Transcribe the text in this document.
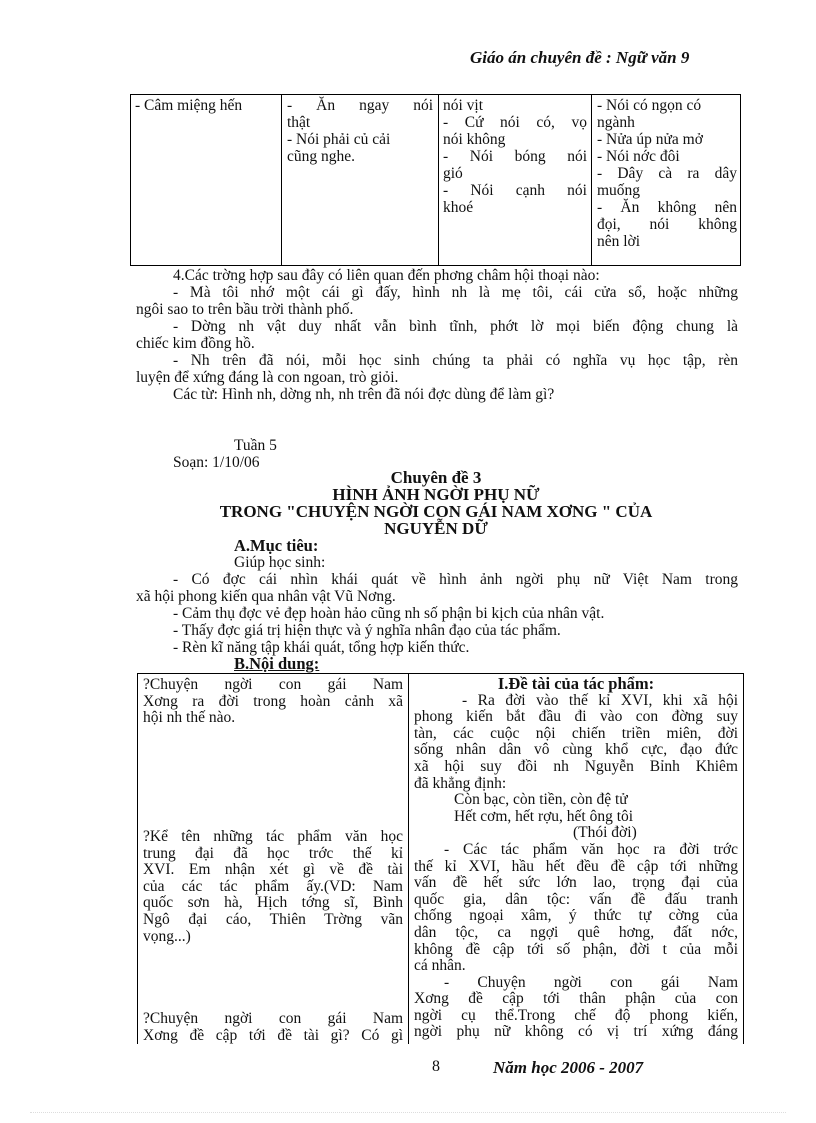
Giáo án chuyên đề : Ngữ văn 9
- Câm miệng hến	- Ăn ngay nói
thật
- Nói phải củ cải
cũng nghe.
nói vịt
- Cứ nói có, vọ
nói không
- Nói bóng nói
gió
- Nói cạnh nói
khoé
- Nói có ngọn có
ngành
- Nửa úp nửa mở
- Nói nớc đôi
- Dây cà ra dây
muống
- Ăn không nên
đọi, nói không
nên lời
4.Các trờng hợp sau đây có liên quan đến phơng châm hội thoại nào:
- Mà tôi nhớ một cái gì đấy, hình nh là mẹ tôi, cái cửa sổ, hoặc những
ngôi sao to trên bầu trời thành phố.
- Dờng nh vật duy nhất vẫn bình tĩnh, phớt lờ mọi biến động chung là
chiếc kim đồng hồ.
- Nh trên đã nói, mỗi học sinh chúng ta phải có nghĩa vụ học tập, rèn
luyện để xứng đáng là con ngoan, trò giỏi.
Các từ: Hình nh, dờng nh, nh trên đã nói đợc dùng để làm gì?
Tuần 5
Soạn: 1/10/06
Chuyên đề 3
HÌNH ẢNH NGỜI PHỤ NỮ
TRONG "CHUYỆN NGỜI CON GÁI NAM XƠNG " CỦA
NGUYỄN DỮ
A.Mục tiêu:
Giúp học sinh:
- Có đợc cái nhìn khái quát về hình ảnh ngời phụ nữ Việt Nam trong
xã hội phong kiến qua nhân vật Vũ Nơng.
- Cảm thụ đợc vẻ đẹp hoàn hảo cũng nh số phận bi kịch của nhân vật.
- Thấy đợc giá trị hiện thực và ý nghĩa nhân đạo của tác phẩm.
- Rèn kĩ năng tập khái quát, tổng hợp kiến thức.
B.Nội dung:
?Chuyện ngời con gái Nam
Xơng ra đời trong hoàn cảnh xã
hội nh thế nào.
?Kể tên những tác phẩm văn học
trung đại đã học trớc thế kỉ
XVI. Em nhận xét gì về đề tài
của các tác phẩm ấy.(VD: Nam
quốc sơn hà, Hịch tớng sĩ, Bình
Ngô đại cáo, Thiên Trờng vãn
vọng...)
?Chuyện ngời con gái Nam
Xơng đề cập tới đề tài gì? Có gì
I.Đề tài của tác phẩm:
- Ra đời vào thế kỉ XVI, khi xã hội
phong kiến bắt đầu đi vào con đờng suy
tàn, các cuộc nội chiến triền miên, đời
sống nhân dân vô cùng khổ cực, đạo đức
xã hội suy đồi nh Nguyễn Bỉnh Khiêm
đã khẳng định:
Còn bạc, còn tiền, còn đệ tử
Hết cơm, hết rợu, hết ông tôi
(Thói đời)
- Các tác phẩm văn học ra đời trớc
thế kỉ XVI, hầu hết đều đề cập tới những
vấn đề hết sức lớn lao, trọng đại của
quốc gia, dân tộc: vấn đề đấu tranh
chống ngoại xâm, ý thức tự cờng của
dân tộc, ca ngợi quê hơng, đất nớc,
không đề cập tới số phận, đời t của mỗi
cá nhân.
- Chuyện ngời con gái Nam
Xơng đề cập tới thân phận của con
ngời cụ thể.Trong chế độ phong kiến,
ngời phụ nữ không có vị trí xứng đáng
8	Năm học 2006 - 2007
